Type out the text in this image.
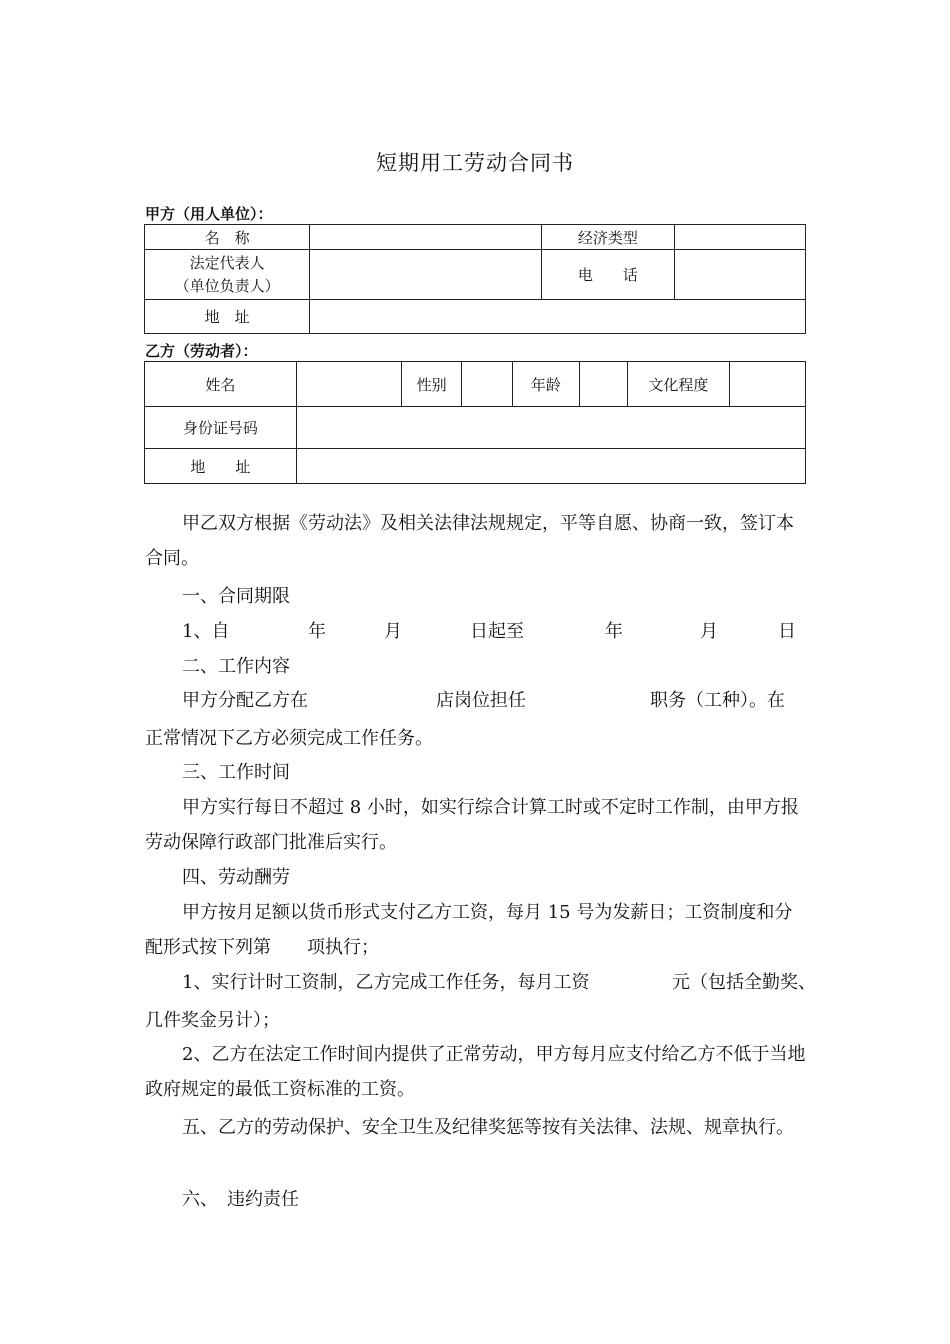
短期用工劳动合同书
甲方（用人单位）：
名　称		经济类型	

法定代表人
（单位负责人）		电　　话	
地　址			
乙方（劳动者）：
姓名		性别		年龄		文化程度	
身份证号码							
地　　址							
甲乙双方根据《劳动法》及相关法律法规规定，平等自愿、协商一致，签订本合同。
一、合同期限
1、自	年	月	日起至	年	月	日
二、工作内容
甲方分配乙方在	店岗位担任	职务（工种）。在
正常情况下乙方必须完成工作任务。
三、工作时间
甲方实行每日不超过 8 小时，如实行综合计算工时或不定时工作制，由甲方报劳动保障行政部门批准后实行。
四、劳动酬劳
甲方按月足额以货币形式支付乙方工资，每月 15 号为发薪日；工资制度和分配形式按下列第　　项执行；
1、实行计时工资制，乙方完成工作任务，每月工资	元（包括全勤奖、
几件奖金另计）；
2、乙方在法定工作时间内提供了正常劳动，甲方每月应支付给乙方不低于当地政府规定的最低工资标准的工资。
五、乙方的劳动保护、安全卫生及纪律奖惩等按有关法律、法规、规章执行。
六、　违约责任
